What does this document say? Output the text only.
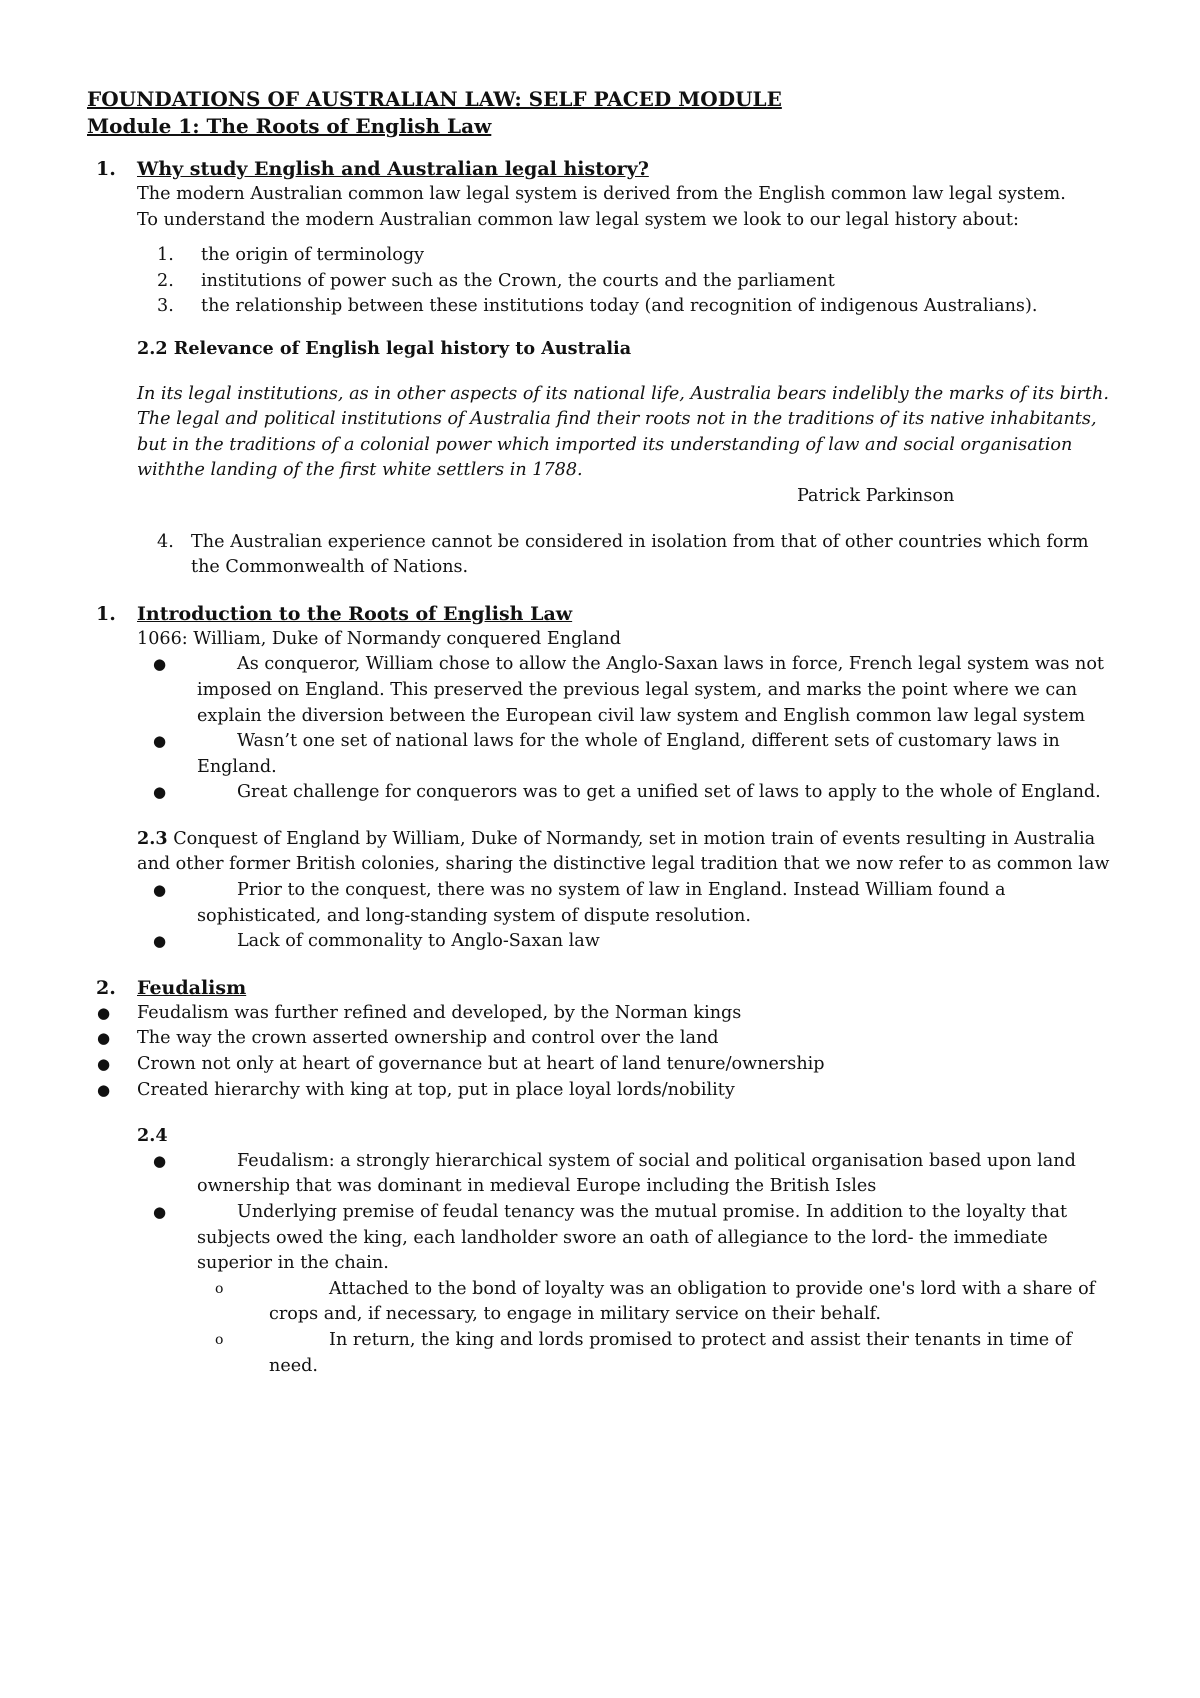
FOUNDATIONS OF AUSTRALIAN LAW: SELF PACED MODULE
Module 1: The Roots of English Law
1.	Why study English and Australian legal history?
The modern Australian common law legal system is derived from the English common law legal system.
To understand the modern Australian common law legal system we look to our legal history about:
1.	the origin of terminology
2.	institutions of power such as the Crown, the courts and the parliament
3.	the relationship between these institutions today (and recognition of indigenous Australians).
2.2 Relevance of English legal history to Australia
In its legal institutions, as in other aspects of its national life, Australia bears indelibly the marks of its birth. The legal and political institutions of Australia find their roots not in the traditions of its native inhabitants, but in the traditions of a colonial power which imported its understanding of law and social organisation withthe landing of the first white settlers in 1788.
Patrick Parkinson
4. The Australian experience cannot be considered in isolation from that of other countries which form the Commonwealth of Nations.
1.	Introduction to the Roots of English Law
1066: William, Duke of Normandy conquered England
●	As conqueror, William chose to allow the Anglo-Saxan laws in force, French legal system was not imposed on England. This preserved the previous legal system, and marks the point where we can explain the diversion between the European civil law system and English common law legal system
●	Wasn’t one set of national laws for the whole of England, different sets of customary laws in England.
●	Great challenge for conquerors was to get a unified set of laws to apply to the whole of England.
2.3 Conquest of England by William, Duke of Normandy, set in motion train of events resulting in Australia and other former British colonies, sharing the distinctive legal tradition that we now refer to as common law
●	Prior to the conquest, there was no system of law in England. Instead William found a sophisticated, and long-standing system of dispute resolution.
●	Lack of commonality to Anglo-Saxan law
2.	Feudalism
●	Feudalism was further refined and developed, by the Norman kings
●	The way the crown asserted ownership and control over the land
●	Crown not only at heart of governance but at heart of land tenure/ownership
●	Created hierarchy with king at top, put in place loyal lords/nobility
2.4
●	Feudalism: a strongly hierarchical system of social and political organisation based upon land ownership that was dominant in medieval Europe including the British Isles
●	Underlying premise of feudal tenancy was the mutual promise. In addition to the loyalty that subjects owed the king, each landholder swore an oath of allegiance to the lord- the immediate superior in the chain.
o	Attached to the bond of loyalty was an obligation to provide one's lord with a share of crops and, if necessary, to engage in military service on their behalf.
o	In return, the king and lords promised to protect and assist their tenants in time of need.
